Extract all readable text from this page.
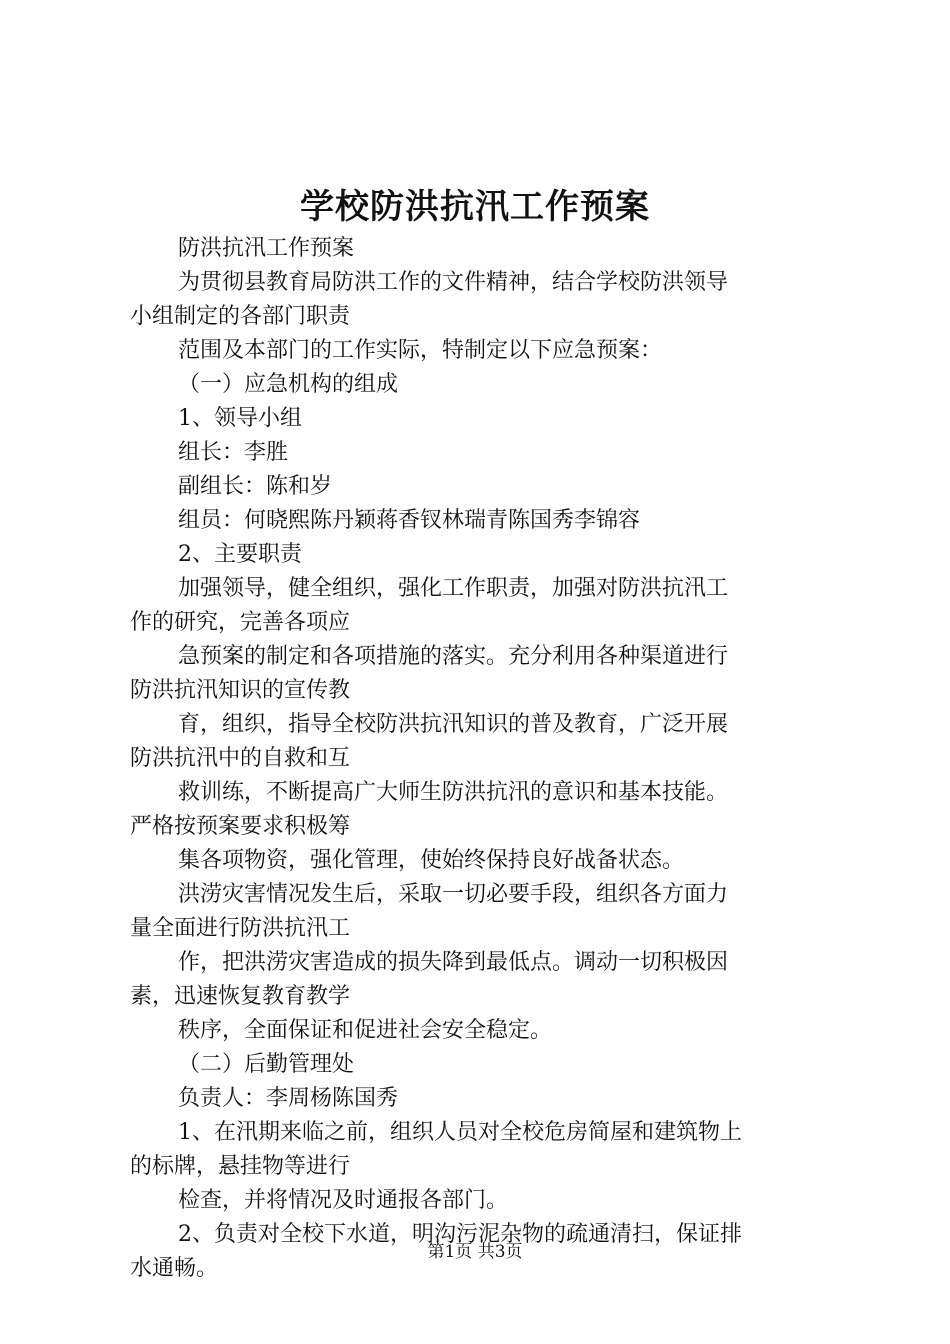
学校防洪抗汛工作预案
防洪抗汛工作预案
为贯彻县教育局防洪工作的文件精神，结合学校防洪领导
小组制定的各部门职责
范围及本部门的工作实际，特制定以下应急预案：
（一）应急机构的组成
1、领导小组
组长：李胜
副组长：陈和岁
组员：何晓熙陈丹颖蒋香钗林瑞青陈国秀李锦容
2、主要职责
加强领导，健全组织，强化工作职责，加强对防洪抗汛工
作的研究，完善各项应
急预案的制定和各项措施的落实。充分利用各种渠道进行
防洪抗汛知识的宣传教
育，组织，指导全校防洪抗汛知识的普及教育，广泛开展
防洪抗汛中的自救和互
救训练，不断提高广大师生防洪抗汛的意识和基本技能。
严格按预案要求积极筹
集各项物资，强化管理，使始终保持良好战备状态。
洪涝灾害情况发生后，采取一切必要手段，组织各方面力
量全面进行防洪抗汛工
作，把洪涝灾害造成的损失降到最低点。调动一切积极因
素，迅速恢复教育教学
秩序，全面保证和促进社会安全稳定。
（二）后勤管理处
负责人：李周杨陈国秀
1、在汛期来临之前，组织人员对全校危房简屋和建筑物上
的标牌，悬挂物等进行
检查，并将情况及时通报各部门。
2、负责对全校下水道，明沟污泥杂物的疏通清扫，保证排
水通畅。
第1页 共3页
